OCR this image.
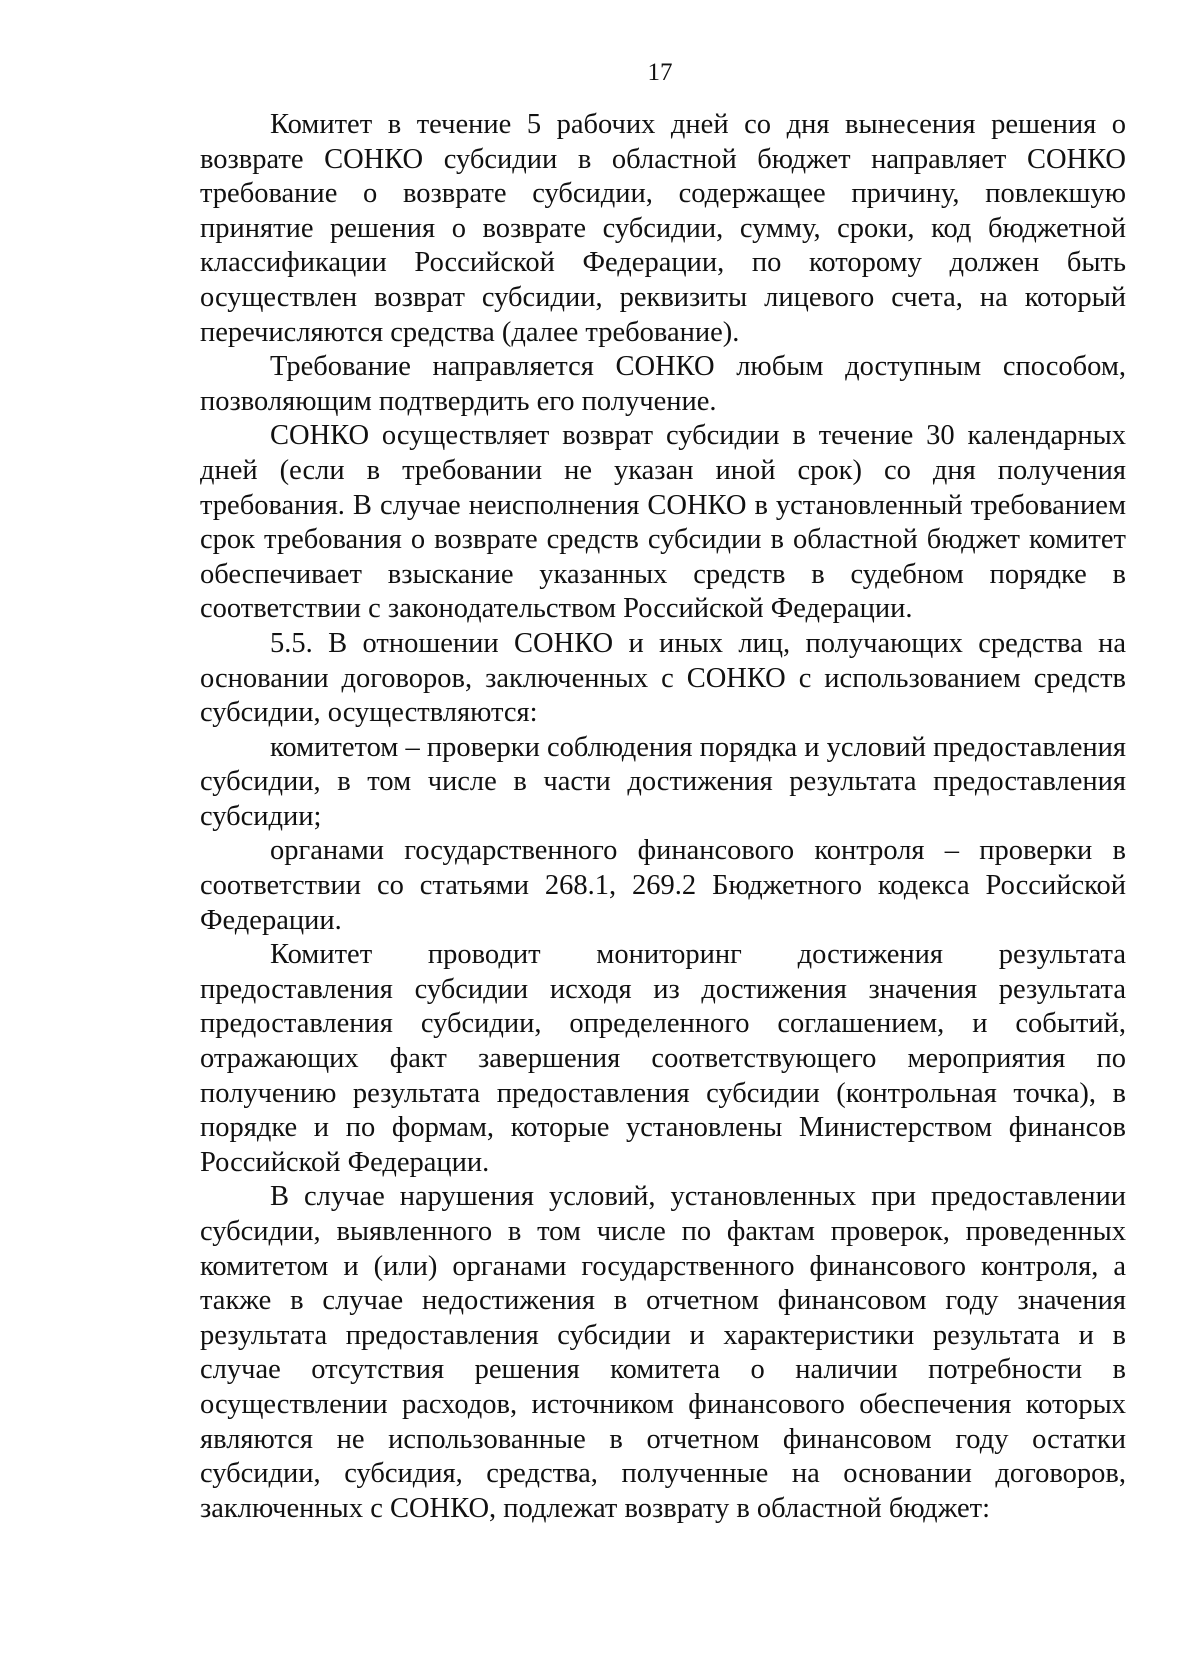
17

Комитет в течение 5 рабочих дней со дня вынесения решения о возврате СОНКО субсидии в областной бюджет направляет СОНКО требование о возврате субсидии, содержащее причину, повлекшую принятие решения о возврате субсидии, сумму, сроки, код бюджетной классификации Российской Федерации, по которому должен быть осуществлен возврат субсидии, реквизиты лицевого счета, на который перечисляются средства (далее требование).

Требование направляется СОНКО любым доступным способом, позволяющим подтвердить его получение.

СОНКО осуществляет возврат субсидии в течение 30 календарных дней (если в требовании не указан иной срок) со дня получения требования. В случае неисполнения СОНКО в установленный требованием срок требования о возврате средств субсидии в областной бюджет комитет обеспечивает взыскание указанных средств в судебном порядке в соответствии с законодательством Российской Федерации.

5.5. В отношении СОНКО и иных лиц, получающих средства на основании договоров, заключенных с СОНКО с использованием средств субсидии, осуществляются:

комитетом – проверки соблюдения порядка и условий предоставления субсидии, в том числе в части достижения результата предоставления субсидии;

органами государственного финансового контроля – проверки в соответствии со статьями 268.1, 269.2 Бюджетного кодекса Российской Федерации.

Комитет проводит мониторинг достижения результата предоставления субсидии исходя из достижения значения результата предоставления субсидии, определенного соглашением, и событий, отражающих факт завершения соответствующего мероприятия по получению результата предоставления субсидии (контрольная точка), в порядке и по формам, которые установлены Министерством финансов Российской Федерации.

В случае нарушения условий, установленных при предоставлении субсидии, выявленного в том числе по фактам проверок, проведенных комитетом и (или) органами государственного финансового контроля, а также в случае недостижения в отчетном финансовом году значения результата предоставления субсидии и характеристики результата и в случае отсутствия решения комитета о наличии потребности в осуществлении расходов, источником финансового обеспечения которых являются не использованные в отчетном финансовом году остатки субсидии, субсидия, средства, полученные на основании договоров, заключенных с СОНКО, подлежат возврату в областной бюджет:
